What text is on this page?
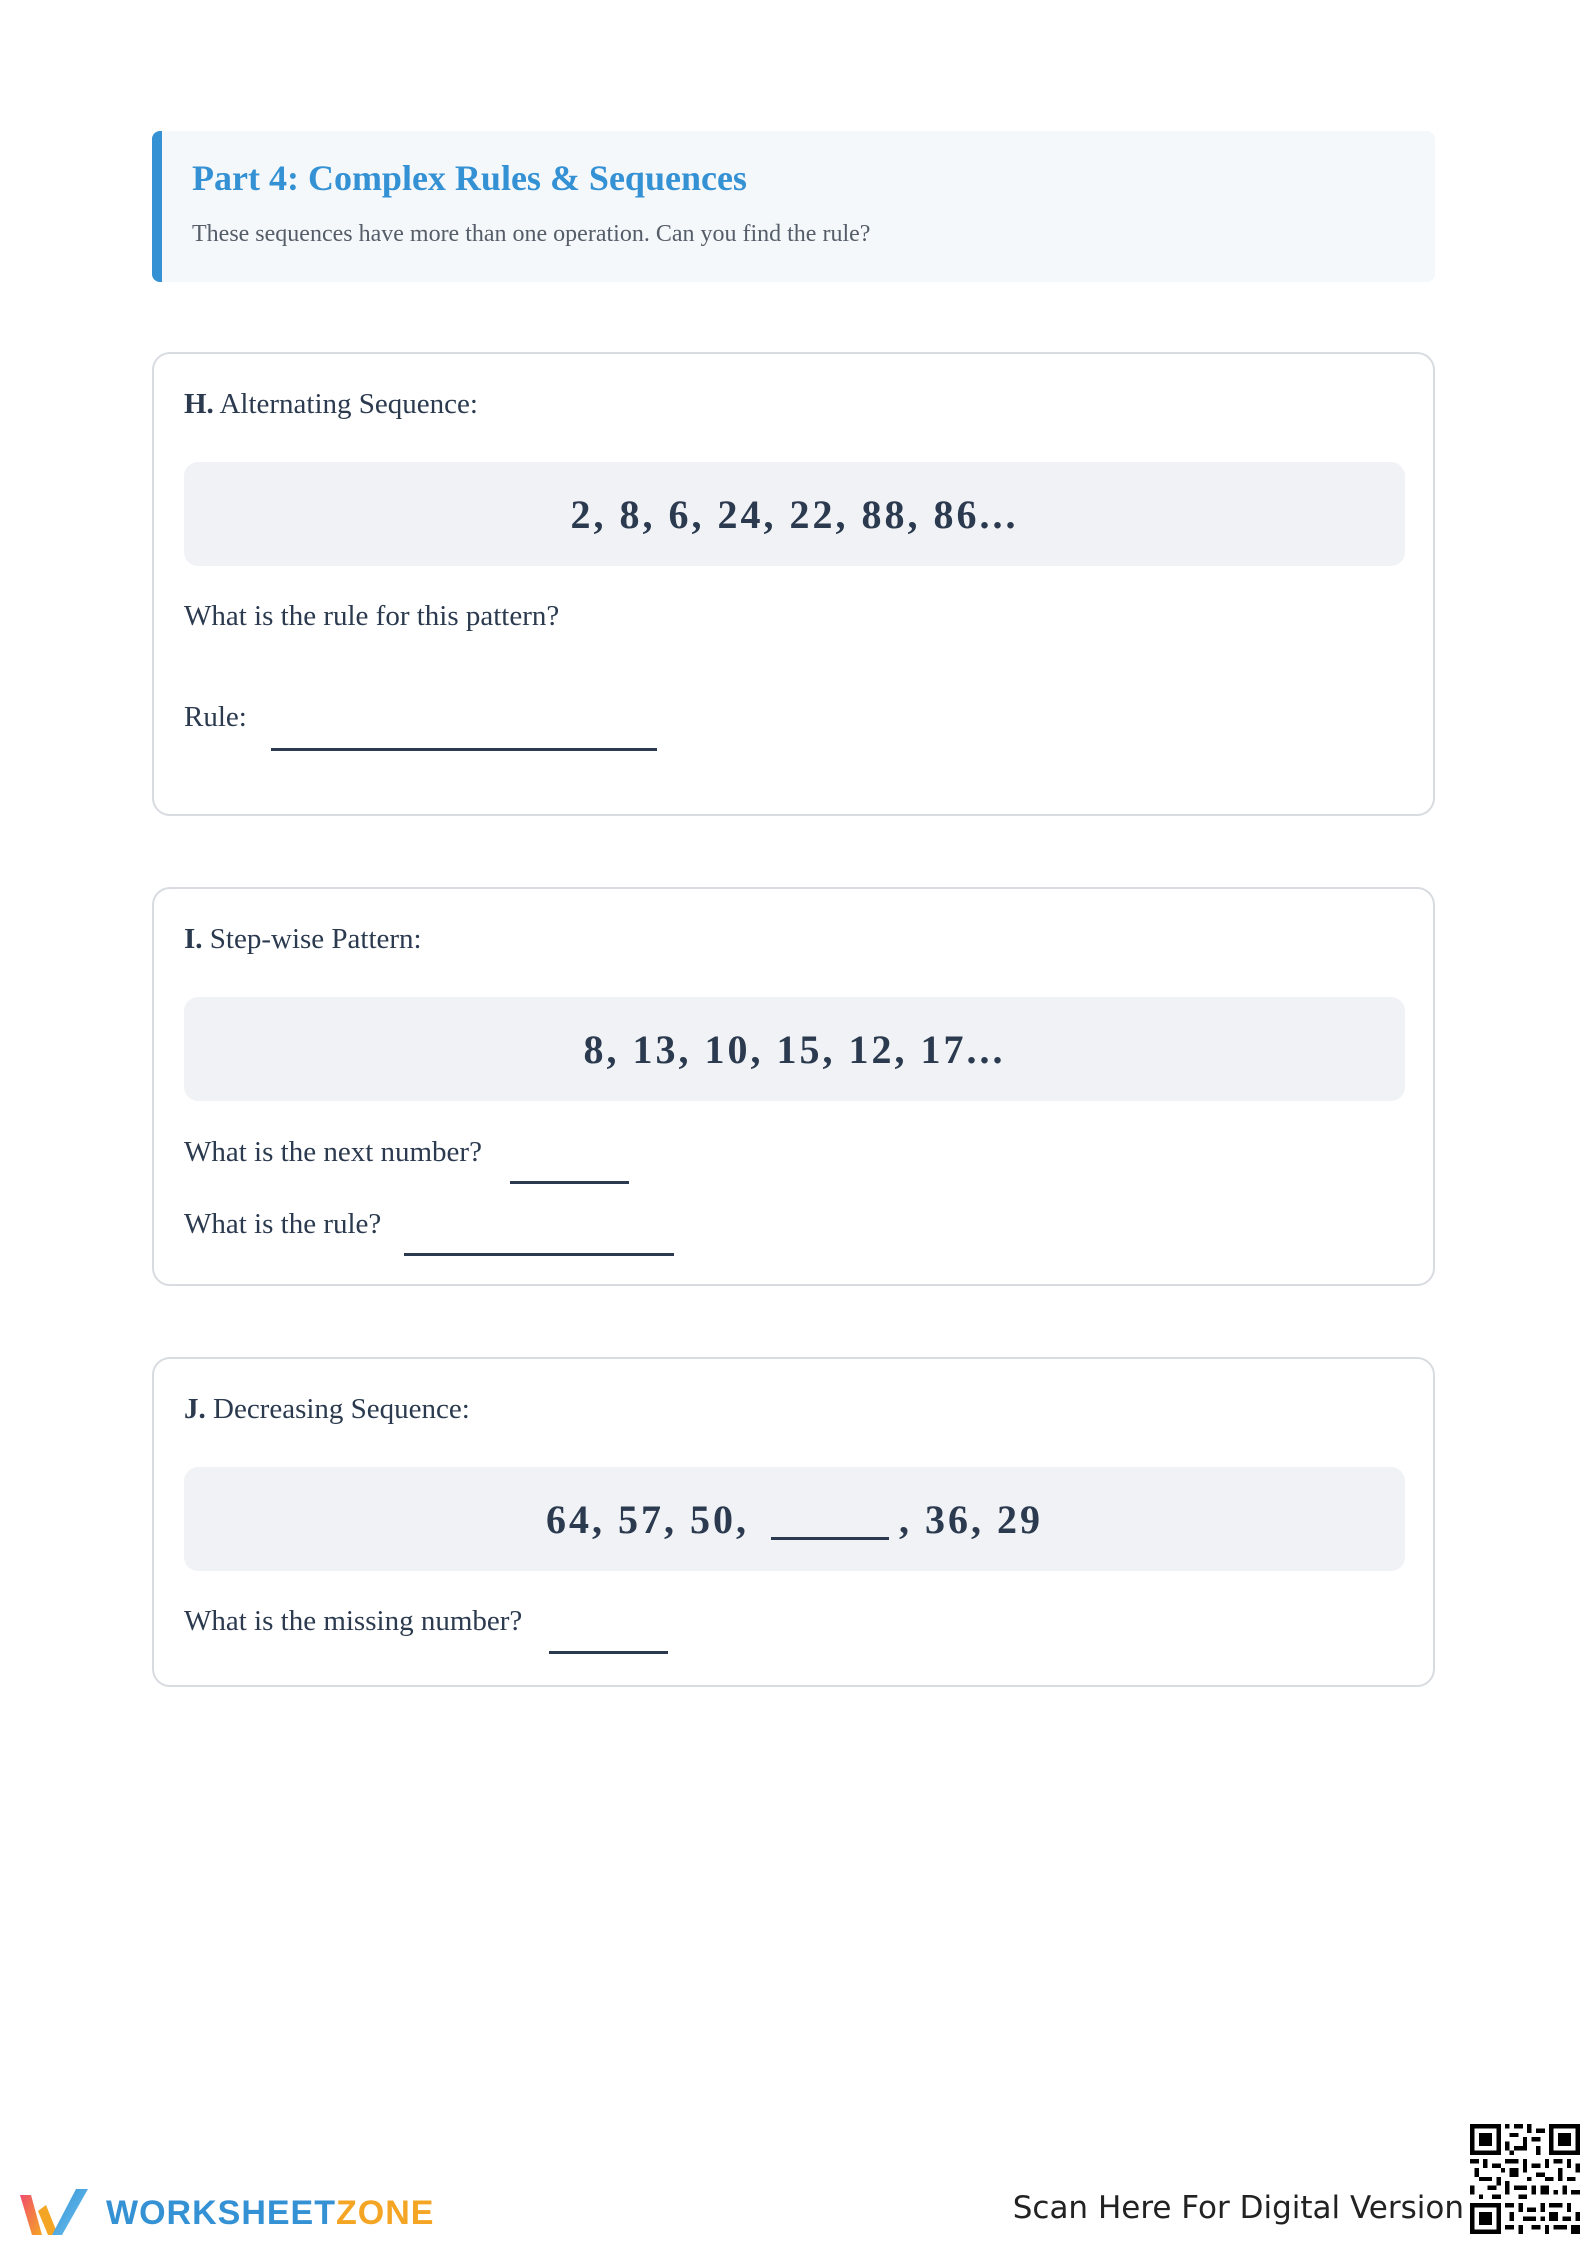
Part 4: Complex Rules & Sequences

These sequences have more than one operation. Can you find the rule?

H. Alternating Sequence:
2, 8, 6, 24, 22, 88, 86...
What is the rule for this pattern?
Rule:
I. Step-wise Pattern:
8, 13, 10, 15, 12, 17...
What is the next number?
What is the rule?
J. Decreasing Sequence:
64, 57, 50,	, 36, 29
What is the missing number?
WORKSHEETZONE	Scan Here For Digital Version
